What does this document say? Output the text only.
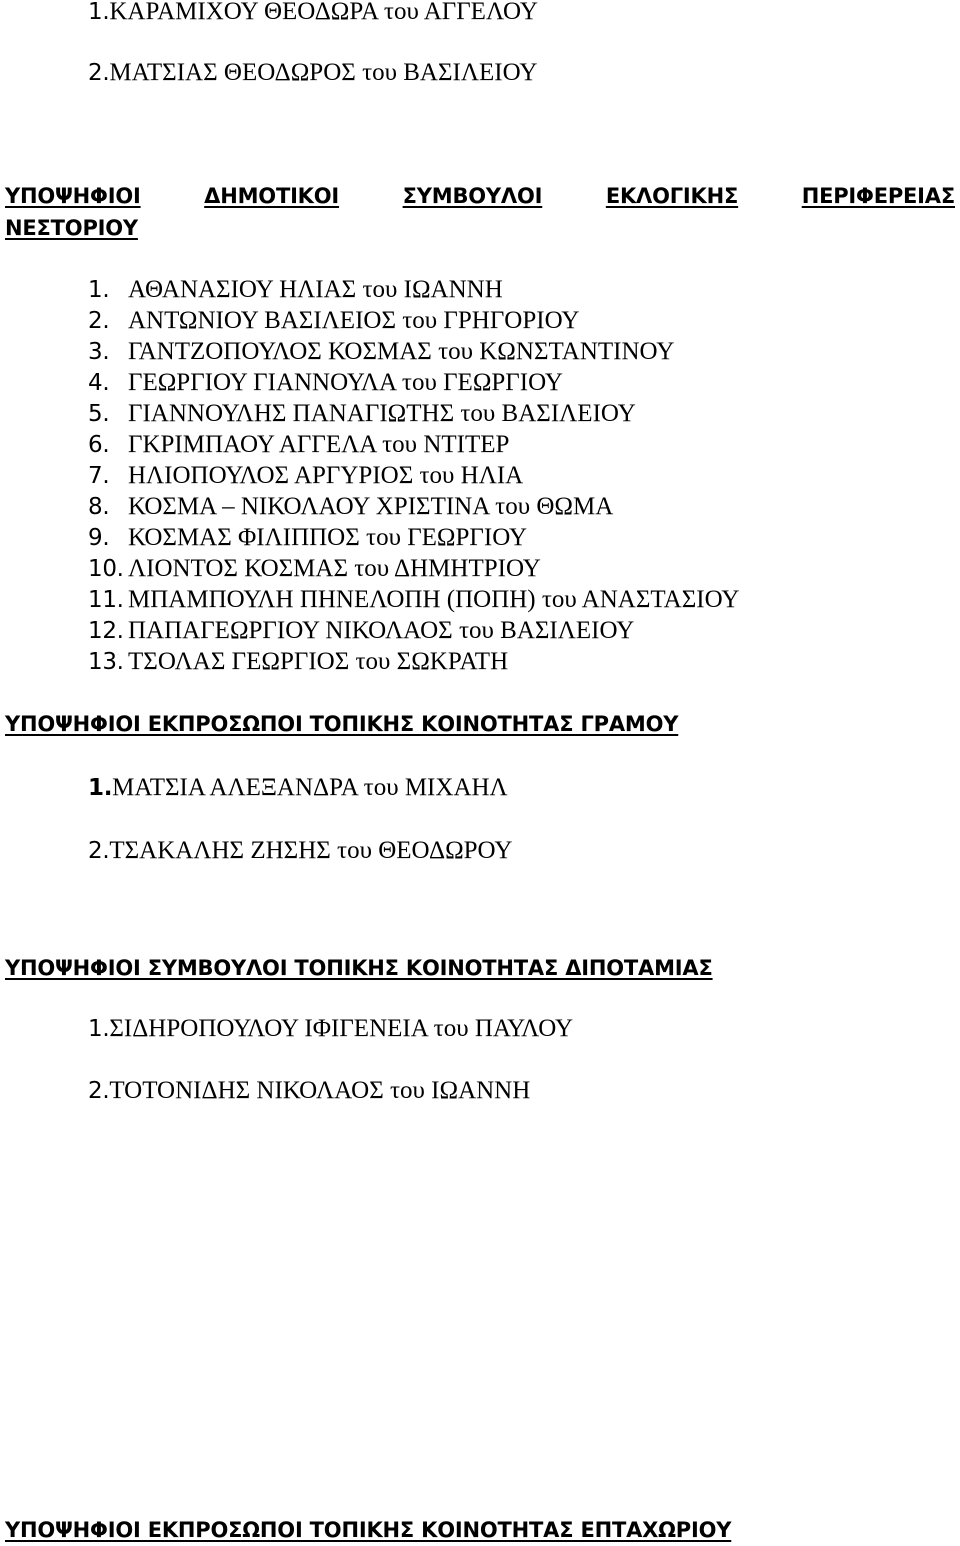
1.ΚΑΡΑΜΙΧΟΥ ΘΕΟΔΩΡΑ του ΑΓΓΕΛΟΥ
2.ΜΑΤΣΙΑΣ ΘΕΟΔΩΡΟΣ του ΒΑΣΙΛΕΙΟΥ
ΥΠΟΨΗΦΙΟΙ	ΔΗΜΟΤΙΚΟΙ	ΣΥΜΒΟΥΛΟΙ	ΕΚΛΟΓΙΚΗΣ	ΠΕΡΙΦΕΡΕΙΑΣ
ΝΕΣΤΟΡΙΟΥ
1. ΑΘΑΝΑΣΙΟΥ ΗΛΙΑΣ του ΙΩΑΝΝΗ
2. ΑΝΤΩΝΙΟΥ ΒΑΣΙΛΕΙΟΣ του ΓΡΗΓΟΡΙΟΥ
3. ΓΑΝΤΖΟΠΟΥΛΟΣ ΚΟΣΜΑΣ του ΚΩΝΣΤΑΝΤΙΝΟΥ
4. ΓΕΩΡΓΙΟΥ ΓΙΑΝΝΟΥΛΑ του ΓΕΩΡΓΙΟΥ
5. ΓΙΑΝΝΟΥΛΗΣ ΠΑΝΑΓΙΩΤΗΣ του ΒΑΣΙΛΕΙΟΥ
6. ΓΚΡΙΜΠΑΟΥ ΑΓΓΕΛΑ του ΝΤΙΤΕΡ
7. ΗΛΙΟΠΟΥΛΟΣ ΑΡΓΥΡΙΟΣ του ΗΛΙΑ
8. ΚΟΣΜΑ – ΝΙΚΟΛΑΟΥ ΧΡΙΣΤΙΝΑ του ΘΩΜΑ
9. ΚΟΣΜΑΣ ΦΙΛΙΠΠΟΣ του ΓΕΩΡΓΙΟΥ
10. ΛΙΟΝΤΟΣ ΚΟΣΜΑΣ του ΔΗΜΗΤΡΙΟΥ
11. ΜΠΑΜΠΟΥΛΗ ΠΗΝΕΛΟΠΗ (ΠΟΠΗ) του ΑΝΑΣΤΑΣΙΟΥ
12. ΠΑΠΑΓΕΩΡΓΙΟΥ ΝΙΚΟΛΑΟΣ του ΒΑΣΙΛΕΙΟΥ
13. ΤΣΟΛΑΣ ΓΕΩΡΓΙΟΣ του ΣΩΚΡΑΤΗ
ΥΠΟΨΗΦΙΟΙ ΕΚΠΡΟΣΩΠΟΙ ΤΟΠΙΚΗΣ ΚΟΙΝΟΤΗΤΑΣ ΓΡΑΜΟΥ
1.ΜΑΤΣΙΑ ΑΛΕΞΑΝΔΡΑ του ΜΙΧΑΗΛ
2.ΤΣΑΚΑΛΗΣ ΖΗΣΗΣ του ΘΕΟΔΩΡΟΥ
ΥΠΟΨΗΦΙΟΙ ΣΥΜΒΟΥΛΟΙ ΤΟΠΙΚΗΣ ΚΟΙΝΟΤΗΤΑΣ ΔΙΠΟΤΑΜΙΑΣ
1.ΣΙΔΗΡΟΠΟΥΛΟΥ ΙΦΙΓΕΝΕΙΑ του ΠΑΥΛΟΥ
2.ΤΟΤΟΝΙΔΗΣ ΝΙΚΟΛΑΟΣ του ΙΩΑΝΝΗ
ΥΠΟΨΗΦΙΟΙ ΕΚΠΡΟΣΩΠΟΙ ΤΟΠΙΚΗΣ ΚΟΙΝΟΤΗΤΑΣ ΕΠΤΑΧΩΡΙΟΥ
